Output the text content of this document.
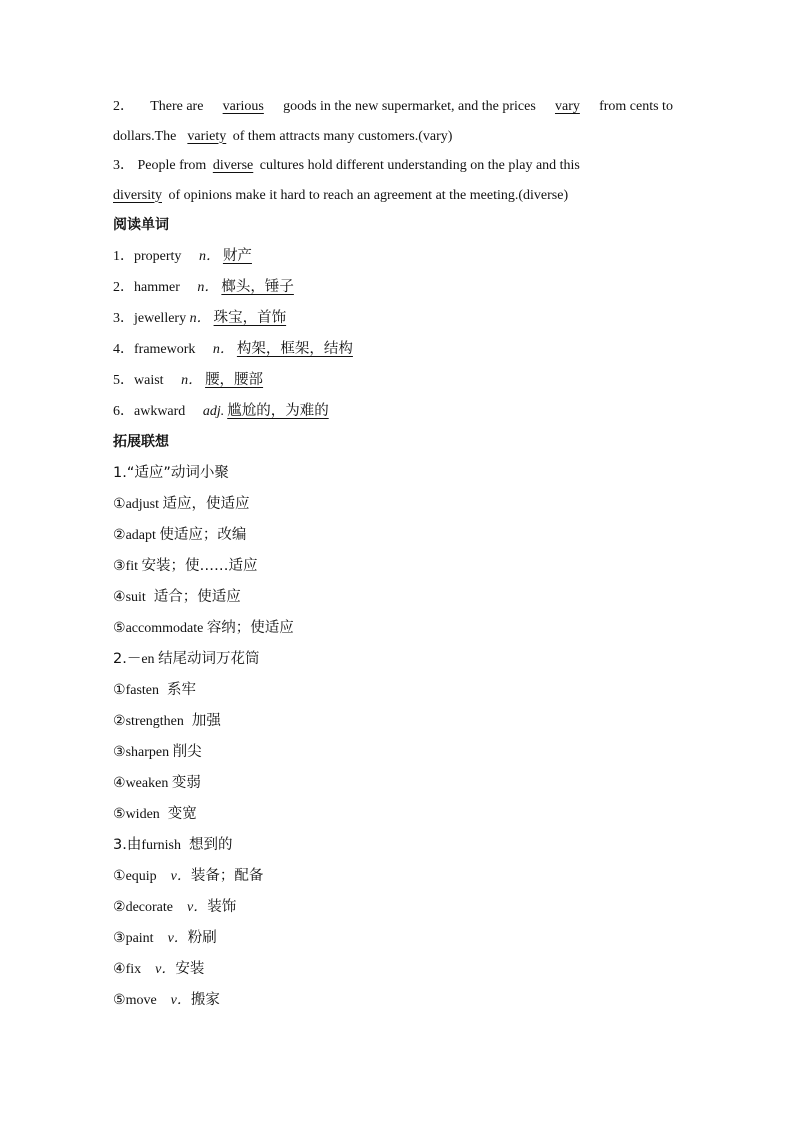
2． There are various goods in the new supermarket, and the prices vary from cents to
dollars.The variety of them attracts many customers.(vary)
3． People from diverse cultures hold different understanding on the play and this
diversity of opinions make it hard to reach an agreement at the meeting.(diverse)
阅读单词
1．property n． 财产
2．hammer n． 榔头，锤子
3．jewellery n． 珠宝，首饰
4．framework n． 构架，框架，结构
5．waist n． 腰，腰部
6．awkward adj. 尴尬的，为难的
拓展联想
1.“适应”动词小聚
①adjust 适应，使适应
②adapt 使适应；改编
③fit 安装；使……适应
④suit 适合；使适应
⑤accommodate 容纳；使适应
2.－en 结尾动词万花筒
①fasten 系牢
②strengthen 加强
③sharpen 削尖
④weaken 变弱
⑤widen 变宽
3.由furnish 想到的
①equip v．装备；配备
②decorate v．装饰
③paint v．粉刷
④fix v．安装
⑤move v．搬家
